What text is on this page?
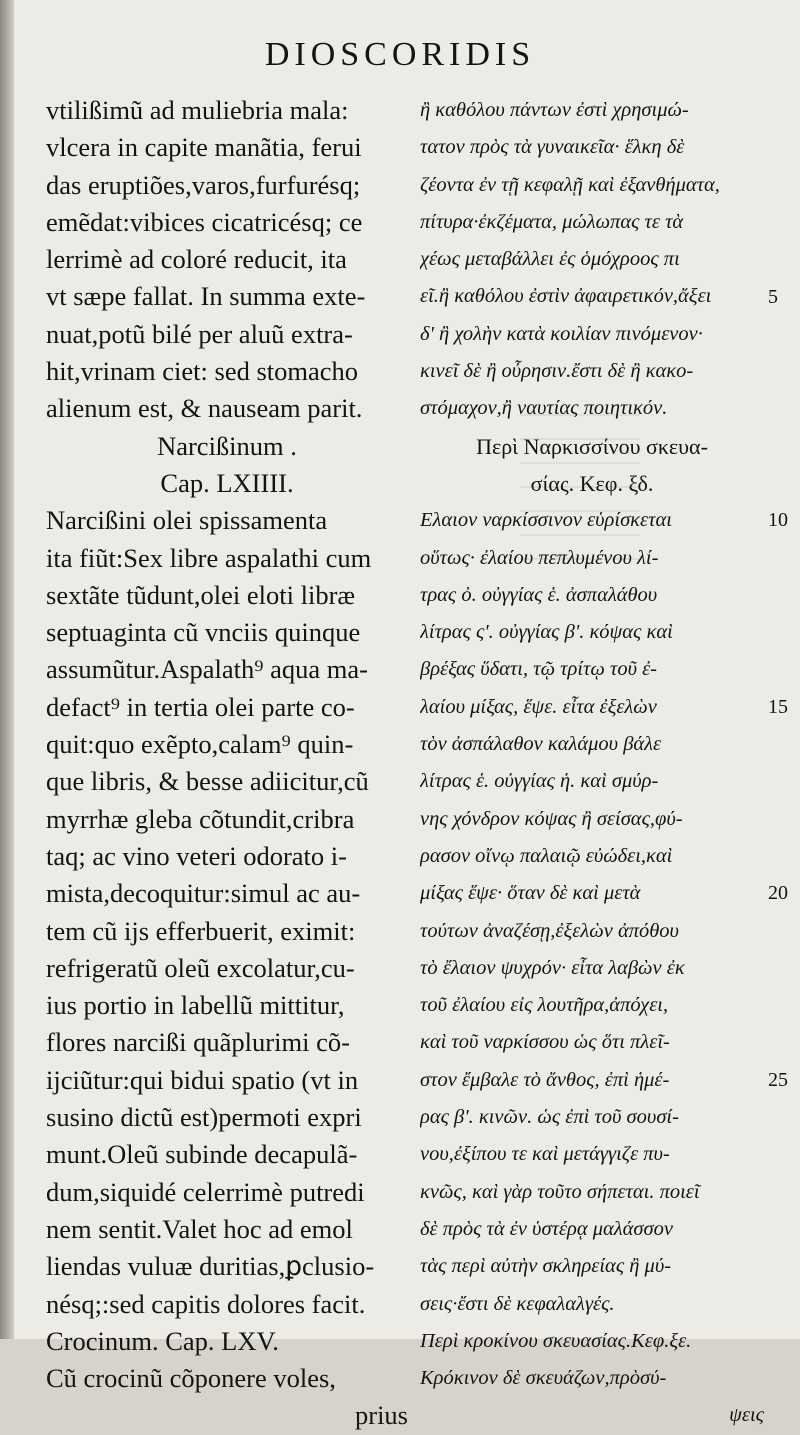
DIOSCORIDIS
vtilißimũ ad muliebria mala:
vlcera in capite manãtia, ferui
das eruptiões,varos,furfurésq;
emẽdat:vibices cicatricésq; ce
lerrimè ad coloré reducit, ita
vt sæpe fallat. In summa exte-
nuat,potũ bilé per aluũ extra-
hit,vrinam ciet: sed stomacho
alienum est, & nauseam parit.
Narcißinum .
Cap. LXIIII.
Narcißini olei spissamenta
ita fiũt:Sex libre aspalathi cum
sextãte tũdunt,olei eloti libræ
septuaginta cũ vnciis quinque
assumũtur.Aspalath⁹ aqua ma-
defact⁹ in tertia olei parte co-
quit:quo exẽpto,calam⁹ quin-
que libris, & besse adiicitur,cũ
myrrhæ gleba cõtundit,cribra
taq; ac vino veteri odorato i-
mista,decoquitur:simul ac au-
tem cũ ijs efferbuerit, eximit:
refrigeratũ oleũ excolatur,cu-
ius portio in labellũ mittitur,
flores narcißi quãplurimi cõ-
ijciũtur:qui bidui spatio (vt in
susino dictũ est)permoti expri
munt.Oleũ subinde decapulã-
dum,siquidé celerrimè putredi
nem sentit.Valet hoc ad emol
liendas vuluæ duritias,ꝑclusio-
nésq;:sed capitis dolores facit.
Crocinum. Cap. LXV.
Cũ crocinũ cõponere voles,
prius
ἢ καθόλου πάντων ἐστὶ χρησιμώ-
τατον πρὸς τὰ γυναικεῖα· ἕλκη δὲ
ζέοντα ἐν τῇ κεφαλῇ καὶ ἐξανθήματα,
πίτυρα·ἐκζέματα, μώλωπας τε τὰ
χέως μεταβάλλει ἐς ὁμόχροος πι
εῖ.ἢ καθόλου ἐστὶν ἀφαιρετικόν,ἄξει
δ' ἢ χολὴν κατὰ κοιλίαν πινόμενον·
κινεῖ δὲ ἢ οὖρησιν.ἔστι δὲ ἢ κακο-
στόμαχον,ἢ ναυτίας ποιητικόν.
Περὶ Ναρκισσίνου σκευα-
σίας. Κεφ. ξδ.
Ελαιον ναρκίσσινον εὑρίσκεται
οὕτως· ἐλαίου πεπλυμένου λί-
τρας ὀ. οὐγγίας ἑ. ἀσπαλάθου
λίτρας ς'. οὐγγίας β'. κόψας καὶ
βρέξας ὕδατι, τῷ τρίτῳ τοῦ ἐ-
λαίου μίξας, ἕψε. εἶτα ἐξελὼν
τὸν ἀσπάλαθον καλάμου βάλε
λίτρας ἑ. οὐγγίας ἡ. καὶ σμύρ-
νης χόνδρον κόψας ἢ σείσας,φύ-
ρασον οἴνῳ παλαιῷ εὐώδει,καὶ
μίξας ἕψε· ὅταν δὲ καὶ μετὰ
τούτων ἀναζέσῃ,ἐξελὼν ἀπόθου
τὸ ἔλαιον ψυχρόν· εἶτα λαβὼν ἐκ
τοῦ ἐλαίου εἰς λουτῆρα,ἀπόχει,
καὶ τοῦ ναρκίσσου ὡς ὅτι πλεῖ-
στον ἔμβαλε τὸ ἄνθος, ἐπὶ ἡμέ-
ρας β'. κινῶν. ὡς ἐπὶ τοῦ σουσί-
νου,ἐξίπου τε καὶ μετάγγιζε πυ-
κνῶς, καὶ γὰρ τοῦτο σήπεται. ποιεῖ
δὲ πρὸς τὰ ἐν ὑστέρᾳ μαλάσσον
τὰς περὶ αὐτὴν σκληρείας ἢ μύ-
σεις·ἔστι δὲ κεφαλαλγές.
Περὶ κροκίνου σκευασίας.Κεφ.ξε.
Κρόκινον δὲ σκευάζων,πρὸσύ-
ψεις
5
10
15
20
25
